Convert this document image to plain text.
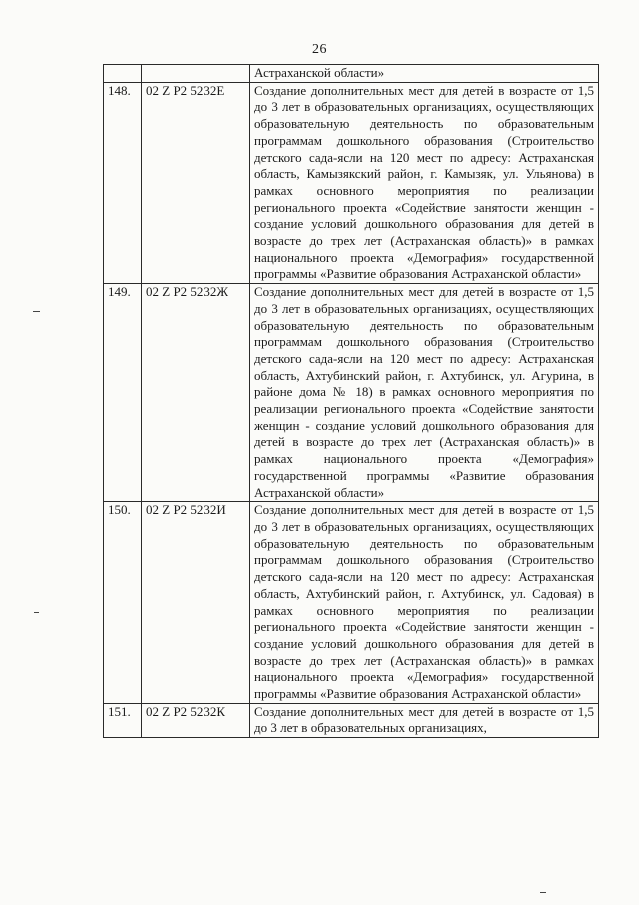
26
		Астраханской области»
148.	02 Z P2 5232E	Создание дополнительных мест для детей в возрасте от 1,5 до 3 лет в образовательных организациях, осуществляющих образовательную деятельность по образовательным программам дошкольного образования (Строительство детского сада-ясли на 120 мест по адресу: Астраханская область, Камызякский район, г. Камызяк, ул. Ульянова) в рамках основного мероприятия по реализации регионального проекта «Содействие занятости женщин - создание условий дошкольного образования для детей в возрасте до трех лет (Астраханская область)» в рамках национального проекта «Демография» государственной программы «Развитие образования Астраханской области»
149.	02 Z P2 5232Ж	Создание дополнительных мест для детей в возрасте от 1,5 до 3 лет в образовательных организациях, осуществляющих образовательную деятельность по образовательным программам дошкольного образования (Строительство детского сада-ясли на 120 мест по адресу: Астраханская область, Ахтубинский район, г. Ахтубинск, ул. Агурина, в районе дома № 18) в рамках основного мероприятия по реализации регионального проекта «Содействие занятости женщин - создание условий дошкольного образования для детей в возрасте до трех лет (Астраханская область)» в рамках национального проекта «Демография» государственной программы «Развитие образования Астраханской области»
150.	02 Z P2 5232И	Создание дополнительных мест для детей в возрасте от 1,5 до 3 лет в образовательных организациях, осуществляющих образовательную деятельность по образовательным программам дошкольного образования (Строительство детского сада-ясли на 120 мест по адресу: Астраханская область, Ахтубинский район, г. Ахтубинск, ул. Садовая) в рамках основного мероприятия по реализации регионального проекта «Содействие занятости женщин - создание условий дошкольного образования для детей в возрасте до трех лет (Астраханская область)» в рамках национального проекта «Демография» государственной программы «Развитие образования Астраханской области»
151.	02 Z P2 5232К	Создание дополнительных мест для детей в возрасте от 1,5 до 3 лет в образовательных организациях,
